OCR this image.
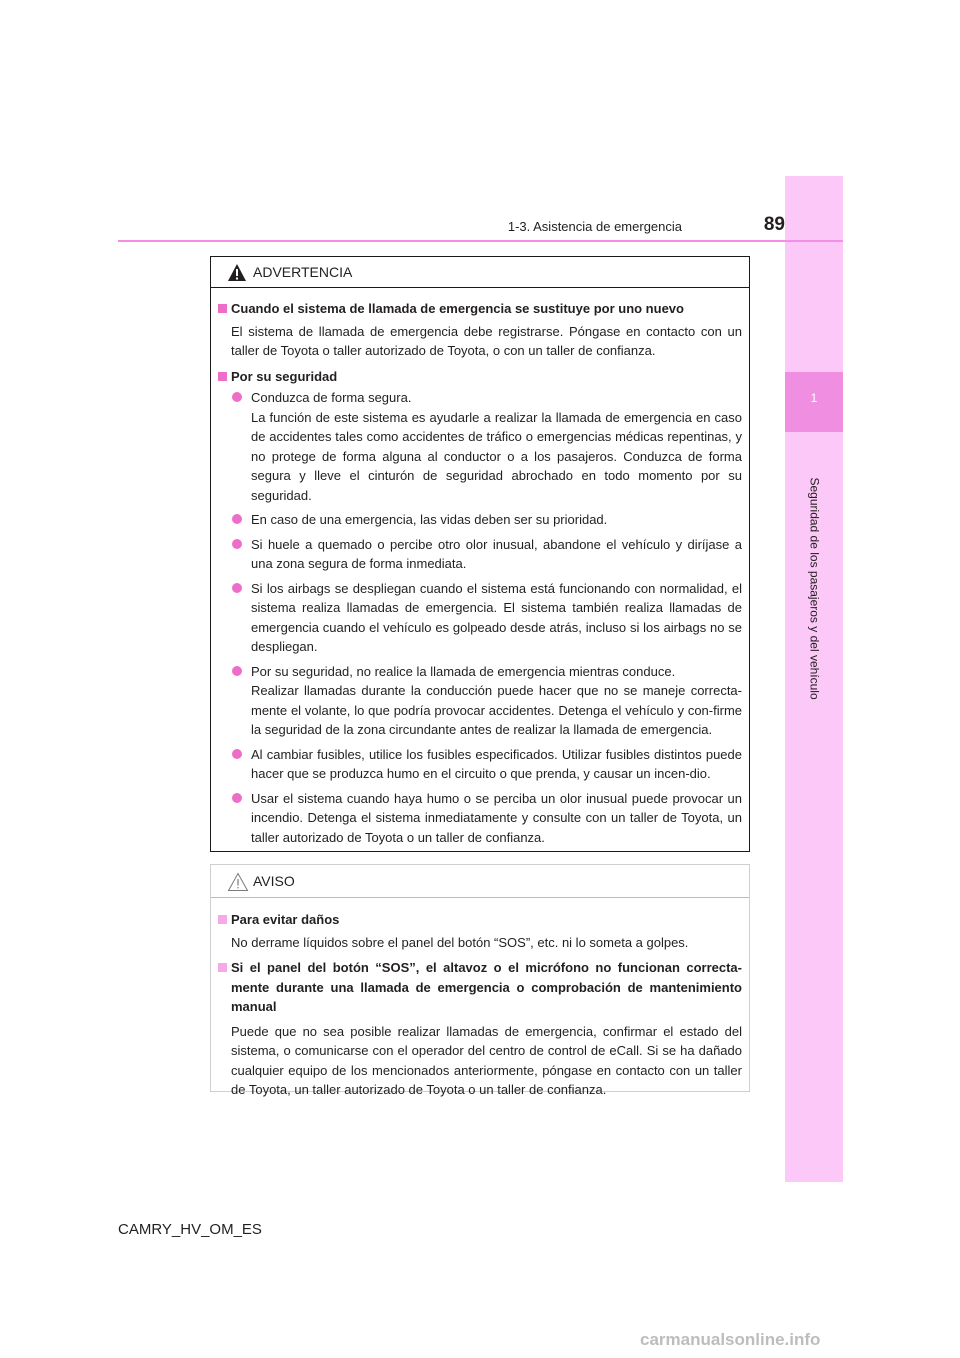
1
Seguridad de los pasajeros y del vehículo
89
1-3. Asistencia de emergencia
ADVERTENCIA
Cuando el sistema de llamada de emergencia se sustituye por uno nuevo
El sistema de llamada de emergencia debe registrarse. Póngase en contacto con un taller de Toyota o taller autorizado de Toyota, o con un taller de confianza.
Por su seguridad
Conduzca de forma segura.
La función de este sistema es ayudarle a realizar la llamada de emergencia en caso de accidentes tales como accidentes de tráfico o emergencias médicas repentinas, y no protege de forma alguna al conductor o a los pasajeros. Conduzca de forma segura y lleve el cinturón de seguridad abrochado en todo momento por su seguridad.
En caso de una emergencia, las vidas deben ser su prioridad.
Si huele a quemado o percibe otro olor inusual, abandone el vehículo y diríjase a una zona segura de forma inmediata.
Si los airbags se despliegan cuando el sistema está funcionando con normalidad, el sistema realiza llamadas de emergencia. El sistema también realiza llamadas de emergencia cuando el vehículo es golpeado desde atrás, incluso si los airbags no se despliegan.
Por su seguridad, no realice la llamada de emergencia mientras conduce.
Realizar llamadas durante la conducción puede hacer que no se maneje correcta-mente el volante, lo que podría provocar accidentes. Detenga el vehículo y con-firme la seguridad de la zona circundante antes de realizar la llamada de emergencia.
Al cambiar fusibles, utilice los fusibles especificados. Utilizar fusibles distintos puede hacer que se produzca humo en el circuito o que prenda, y causar un incen-dio.
Usar el sistema cuando haya humo o se perciba un olor inusual puede provocar un incendio. Detenga el sistema inmediatamente y consulte con un taller de Toyota, un taller autorizado de Toyota o un taller de confianza.
AVISO
Para evitar daños
No derrame líquidos sobre el panel del botón “SOS”, etc. ni lo someta a golpes.
Si el panel del botón “SOS”, el altavoz o el micrófono no funcionan correcta-mente durante una llamada de emergencia o comprobación de mantenimiento manual
Puede que no sea posible realizar llamadas de emergencia, confirmar el estado del sistema, o comunicarse con el operador del centro de control de eCall. Si se ha dañado cualquier equipo de los mencionados anteriormente, póngase en contacto con un taller de Toyota, un taller autorizado de Toyota o un taller de confianza.
CAMRY_HV_OM_ES
carmanualsonline.info
